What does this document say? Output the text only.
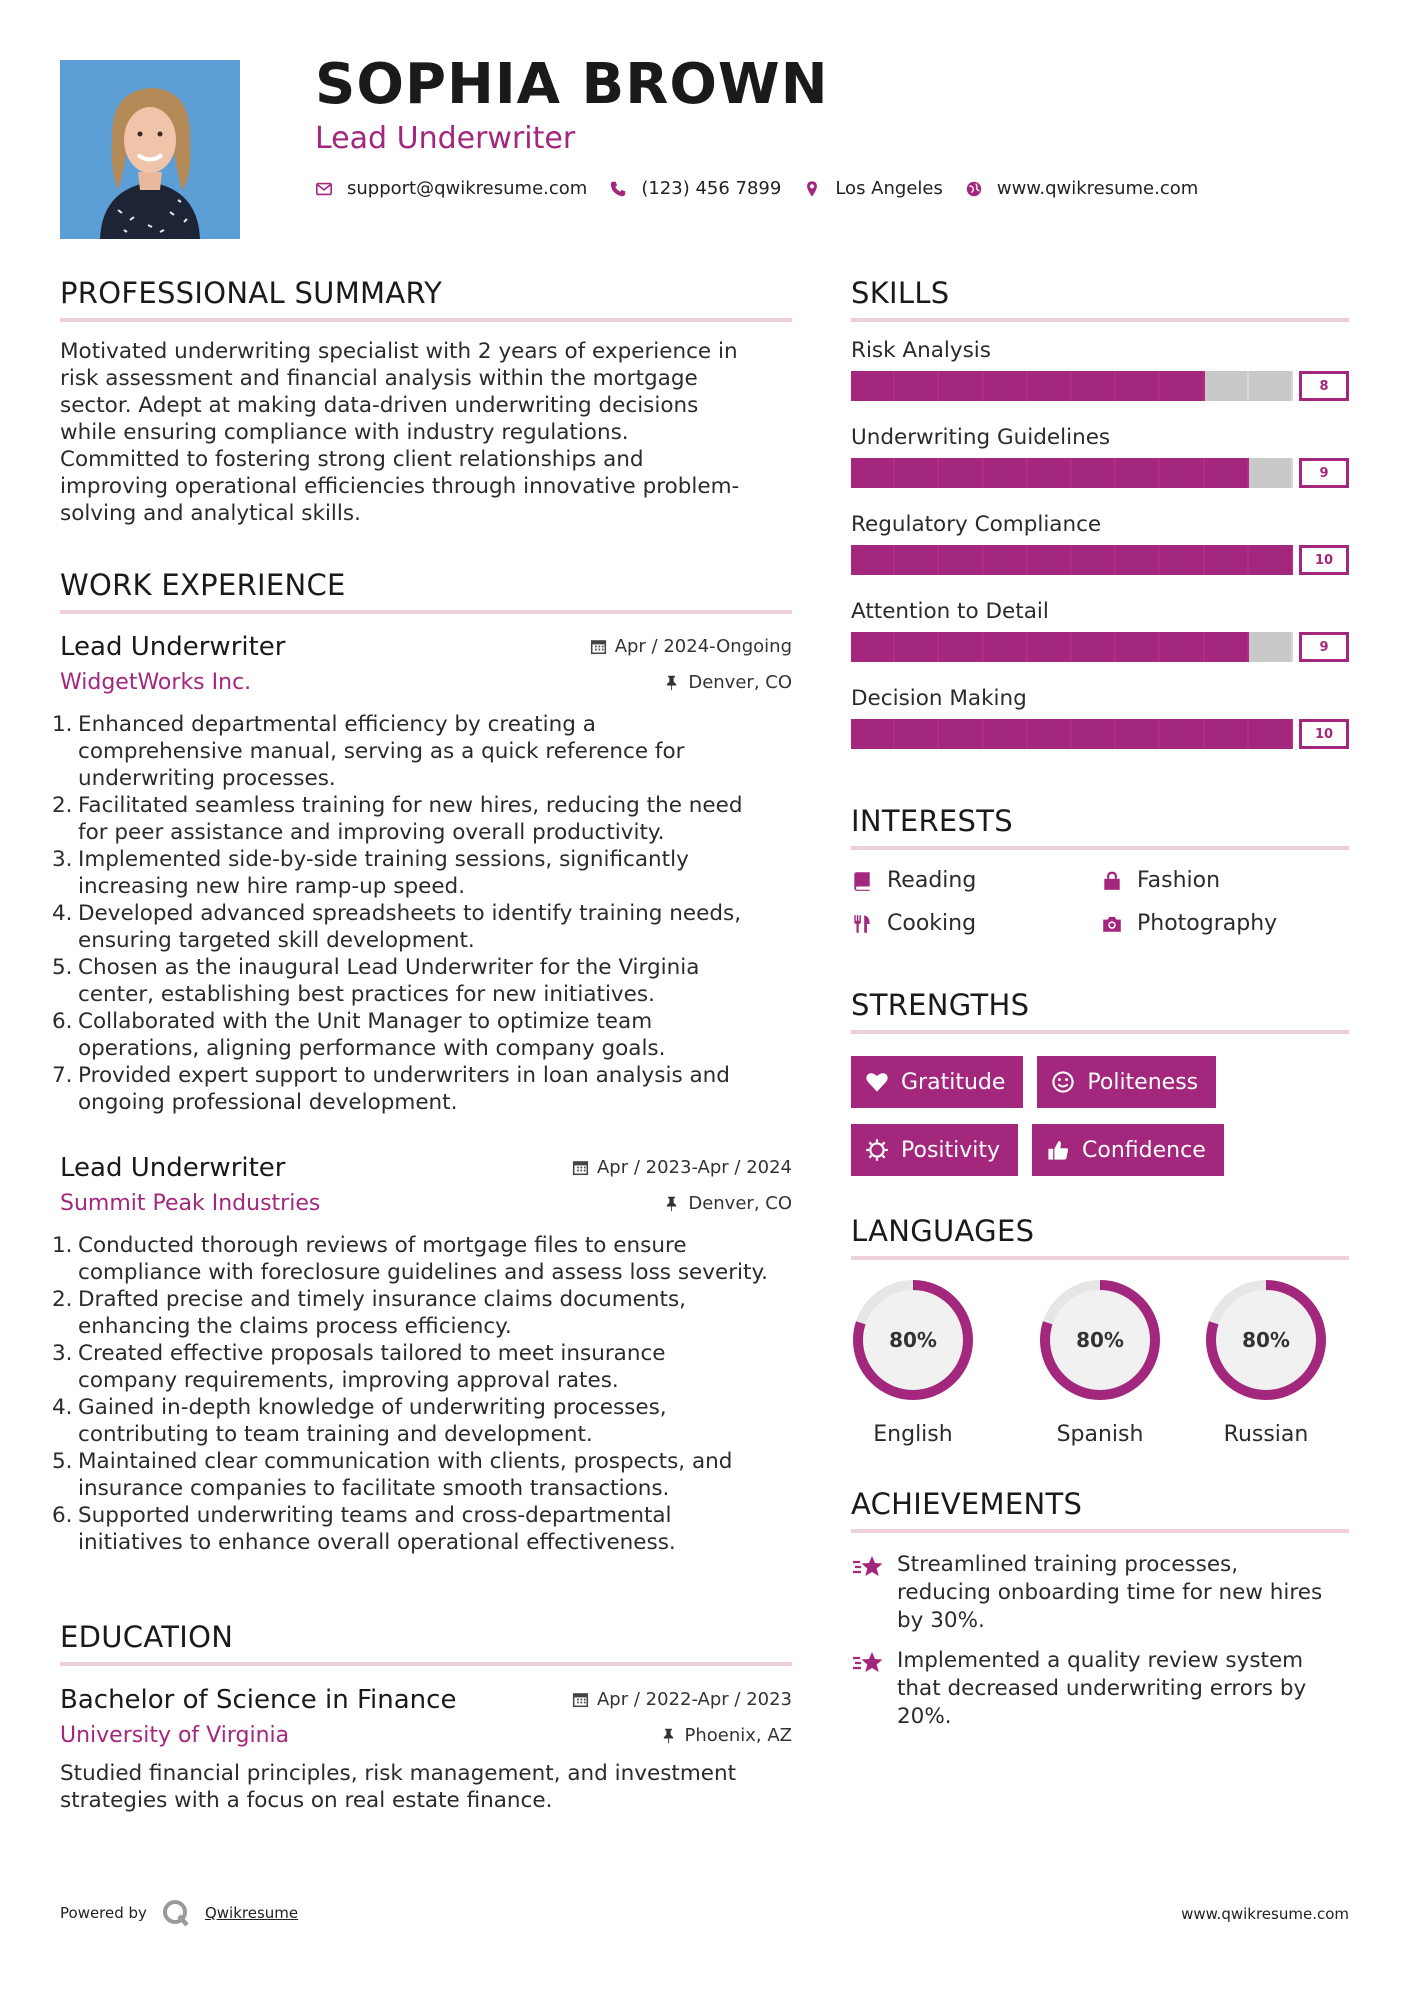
SOPHIA BROWN
Lead Underwriter
support@qwikresume.com	(123) 456 7899	Los Angeles	www.qwikresume.com
PROFESSIONAL SUMMARY
Motivated underwriting specialist with 2 years of experience in
risk assessment and financial analysis within the mortgage
sector. Adept at making data-driven underwriting decisions
while ensuring compliance with industry regulations.
Committed to fostering strong client relationships and
improving operational efficiencies through innovative problem-
solving and analytical skills.
WORK EXPERIENCE
Lead Underwriter	Apr / 2024-Ongoing
WidgetWorks Inc.	Denver, CO
1. Enhanced departmental efficiency by creating a
comprehensive manual, serving as a quick reference for
underwriting processes.
2. Facilitated seamless training for new hires, reducing the need
for peer assistance and improving overall productivity.
3. Implemented side-by-side training sessions, significantly
increasing new hire ramp-up speed.
4. Developed advanced spreadsheets to identify training needs,
ensuring targeted skill development.
5. Chosen as the inaugural Lead Underwriter for the Virginia
center, establishing best practices for new initiatives.
6. Collaborated with the Unit Manager to optimize team
operations, aligning performance with company goals.
7. Provided expert support to underwriters in loan analysis and
ongoing professional development.
Lead Underwriter	Apr / 2023-Apr / 2024
Summit Peak Industries	Denver, CO
1. Conducted thorough reviews of mortgage files to ensure
compliance with foreclosure guidelines and assess loss severity.
2. Drafted precise and timely insurance claims documents,
enhancing the claims process efficiency.
3. Created effective proposals tailored to meet insurance
company requirements, improving approval rates.
4. Gained in-depth knowledge of underwriting processes,
contributing to team training and development.
5. Maintained clear communication with clients, prospects, and
insurance companies to facilitate smooth transactions.
6. Supported underwriting teams and cross-departmental
initiatives to enhance overall operational effectiveness.
EDUCATION
Bachelor of Science in Finance	Apr / 2022-Apr / 2023
University of Virginia	Phoenix, AZ
Studied financial principles, risk management, and investment
strategies with a focus on real estate finance.
SKILLS
Risk Analysis
8
Underwriting Guidelines
9
Regulatory Compliance
10
Attention to Detail
9
Decision Making
10
INTERESTS
Reading	Fashion
Cooking	Photography
STRENGTHS
Gratitude	Politeness
Positivity	Confidence
LANGUAGES
80%
English
80%
Spanish
80%
Russian
ACHIEVEMENTS
Streamlined training processes,
reducing onboarding time for new hires
by 30%.
Implemented a quality review system
that decreased underwriting errors by
20%.
Powered by	Qwikresume	www.qwikresume.com
